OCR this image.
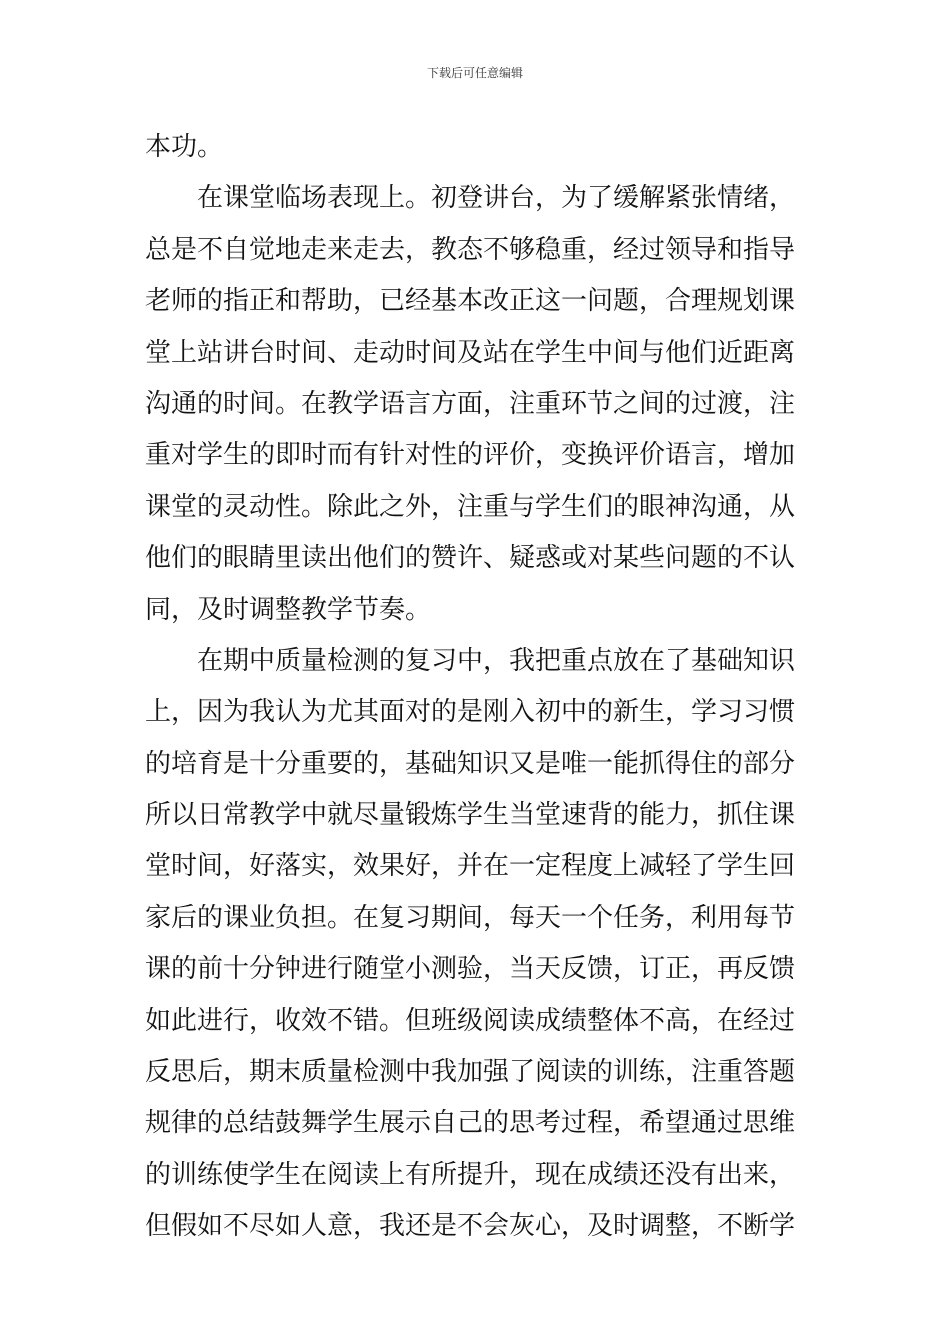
下载后可任意编辑
本功。
在课堂临场表现上。初登讲台，为了缓解紧张情绪，
总是不自觉地走来走去，教态不够稳重，经过领导和指导
老师的指正和帮助，已经基本改正这一问题，合理规划课
堂上站讲台时间、走动时间及站在学生中间与他们近距离
沟通的时间。在教学语言方面，注重环节之间的过渡，注
重对学生的即时而有针对性的评价，变换评价语言，增加
课堂的灵动性。除此之外，注重与学生们的眼神沟通，从
他们的眼睛里读出他们的赞许、疑惑或对某些问题的不认
同，及时调整教学节奏。
在期中质量检测的复习中，我把重点放在了基础知识
上，因为我认为尤其面对的是刚入初中的新生，学习习惯
的培育是十分重要的，基础知识又是唯一能抓得住的部分
所以日常教学中就尽量锻炼学生当堂速背的能力，抓住课
堂时间，好落实，效果好，并在一定程度上减轻了学生回
家后的课业负担。在复习期间，每天一个任务，利用每节
课的前十分钟进行随堂小测验，当天反馈，订正，再反馈
如此进行，收效不错。但班级阅读成绩整体不高，在经过
反思后，期末质量检测中我加强了阅读的训练，注重答题
规律的总结鼓舞学生展示自己的思考过程，希望通过思维
的训练使学生在阅读上有所提升，现在成绩还没有出来，
但假如不尽如人意，我还是不会灰心，及时调整，不断学
